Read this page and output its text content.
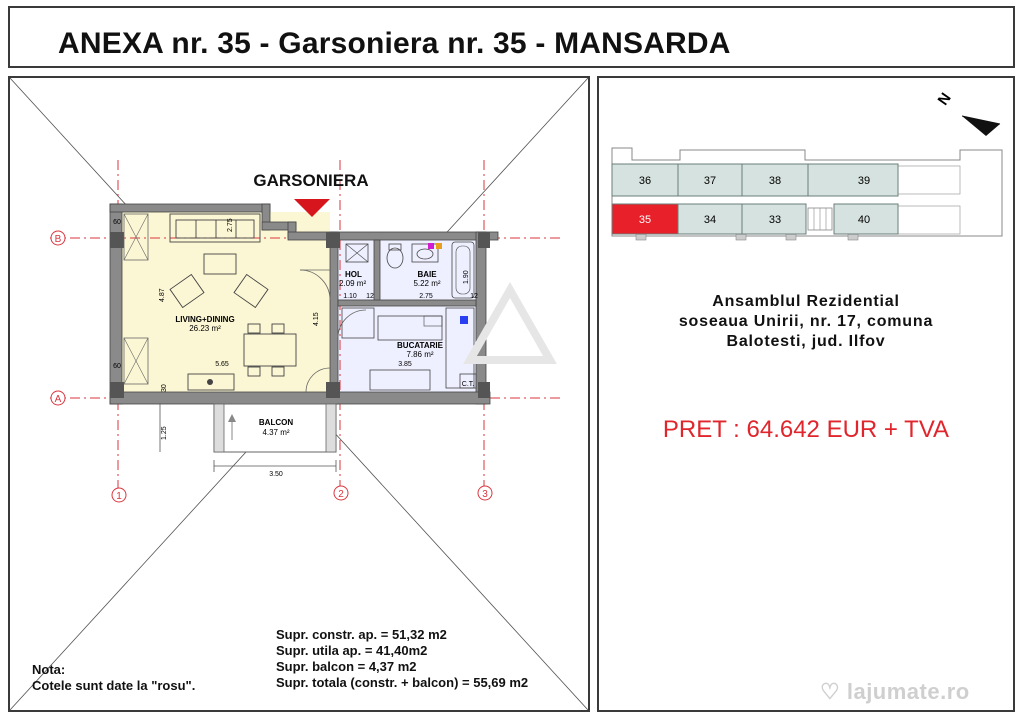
ANEXA nr. 35 - Garsoniera nr. 35 - MANSARDA
B
A
1	2	3
GARSONIERA
LIVING+DINING
26.23 m²
HOL
2.09 m²
BAIE
5.22 m²
BUCATARIE
7.86 m²
BALCON
4.37 m²
2.75
4.87
4.15
5.65
1.10 12	2.75	12
1.90
3.85
1.25
3.50
60
60
30	C.T.
N
36	37	38	39
35	34	33	40
Ansamblul Rezidential
soseaua Unirii, nr. 17, comuna
Balotesti, jud. Ilfov
PRET : 64.642 EUR + TVA
Supr. constr. ap. = 51,32 m2
Supr. utila ap. = 41,40m2
Supr. balcon = 4,37 m2
Supr. totala (constr. + balcon) = 55,69 m2
Nota:
Cotele sunt date la "rosu".	♡ lajumate.ro
